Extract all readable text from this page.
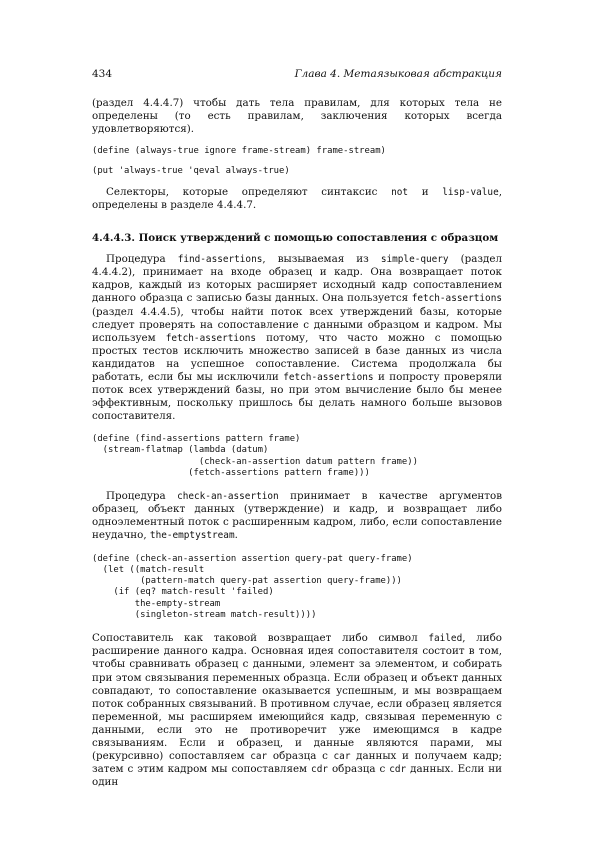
434	Глава 4. Метаязыковая абстракция

(раздел 4.4.4.7) чтобы дать тела правилам, для которых тела не определены (то есть правилам, заключения которых всегда удовлетворяются).

(define (always-true ignore frame-stream) frame-stream)
(put 'always-true 'qeval always-true)

Селекторы, которые определяют синтаксис not и lisp-value, определены в разделе 4.4.4.7.

4.4.4.3. Поиск утверждений с помощью сопоставления с образцом

Процедура find-assertions, вызываемая из simple-query (раздел 4.4.4.2), принимает на входе образец и кадр. Она возвращает поток кадров, каждый из которых расширяет исходный кадр сопоставлением данного образца с записью базы данных. Она пользуется fetch-assertions (раздел 4.4.4.5), чтобы найти поток всех утверждений базы, которые следует проверять на сопоставление с данными образцом и кадром. Мы используем fetch-assertions потому, что часто можно с помощью простых тестов исключить множество записей в базе данных из числа кандидатов на успешное сопоставление. Система продолжала бы работать, если бы мы исключили fetch-assertions и попросту проверяли поток всех утверждений базы, но при этом вычисление было бы менее эффективным, поскольку пришлось бы делать намного больше вызовов сопоставителя.

(define (find-assertions pattern frame)
(stream-flatmap (lambda (datum)
(check-an-assertion datum pattern frame))
(fetch-assertions pattern frame)))

Процедура check-an-assertion принимает в качестве аргументов образец, объект данных (утверждение) и кадр, и возвращает либо одноэлементный поток с расширенным кадром, либо, если сопоставление неудачно, the-emptystream.

(define (check-an-assertion assertion query-pat query-frame)
(let ((match-result
(pattern-match query-pat assertion query-frame)))
(if (eq? match-result 'failed)
the-empty-stream
(singleton-stream match-result))))

Сопоставитель как таковой возвращает либо символ failed, либо расширение данного кадра. Основная идея сопоставителя состоит в том, чтобы сравнивать образец с данными, элемент за элементом, и собирать при этом связывания переменных образца. Если образец и объект данных совпадают, то сопоставление оказывается успешным, и мы возвращаем поток собранных связываний. В противном случае, если образец является переменной, мы расширяем имеющийся кадр, связывая переменную с данными, если это не противоречит уже имеющимся в кадре связываниям. Если и образец, и данные являются парами, мы (рекурсивно) сопоставляем car образца с car данных и получаем кадр; затем с этим кадром мы сопоставляем cdr образца с cdr данных. Если ни один
